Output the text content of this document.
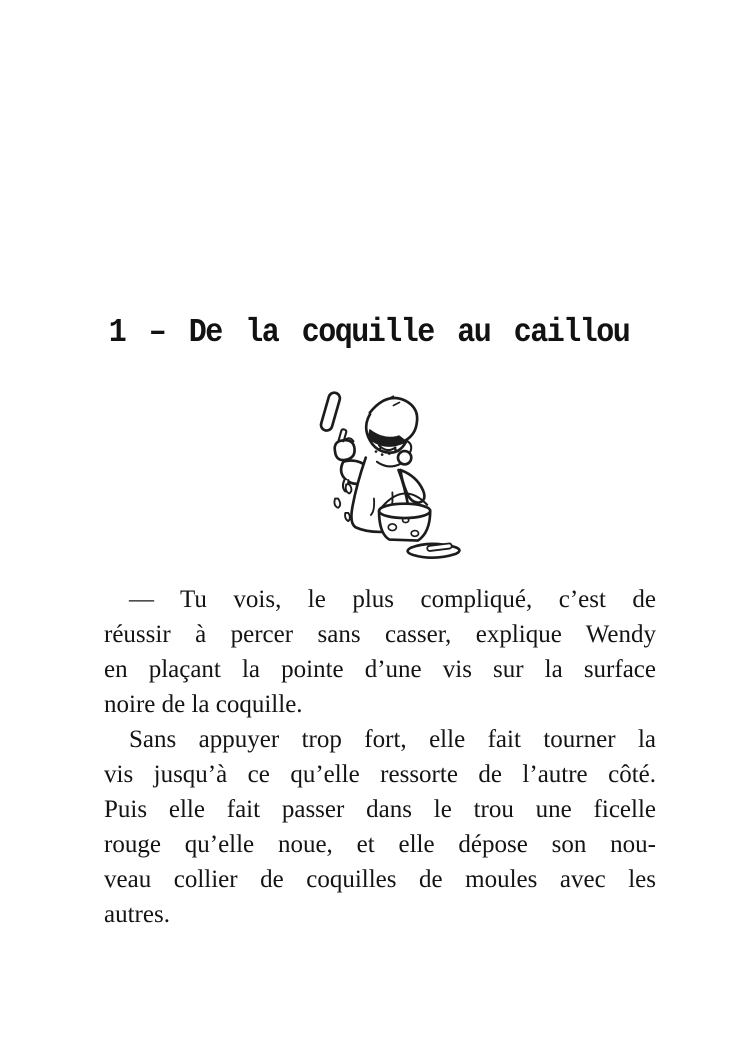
1 – De la coquille au caillou

— Tu vois, le plus compliqué, c’est de
réussir à percer sans casser, explique Wendy
en plaçant la pointe d’une vis sur la surface
noire de la coquille.

Sans appuyer trop fort, elle fait tourner la
vis jusqu’à ce qu’elle ressorte de l’autre côté.
Puis elle fait passer dans le trou une ficelle
rouge qu’elle noue, et elle dépose son nou-
veau collier de coquilles de moules avec les
autres.
